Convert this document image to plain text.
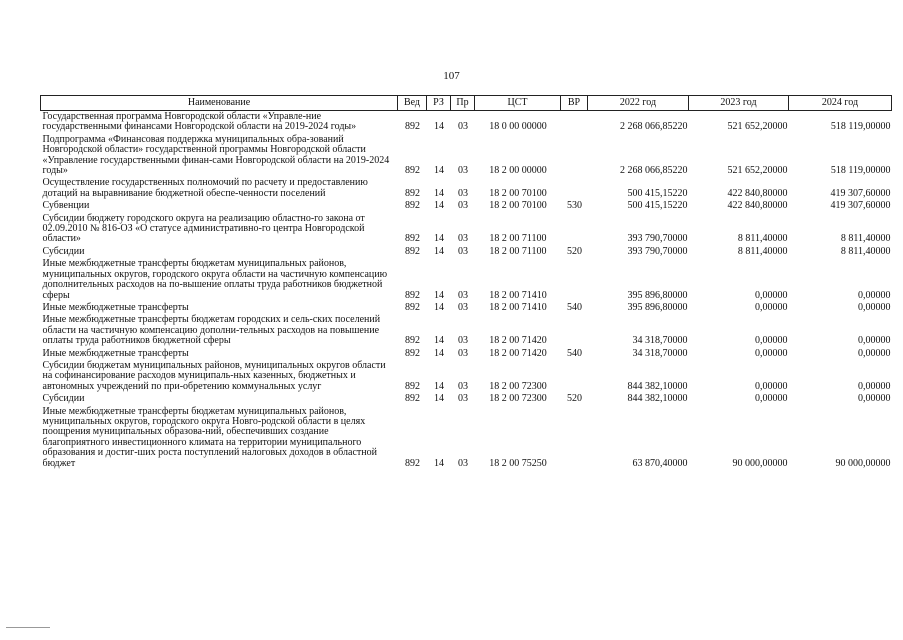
107
Наименование	Вед	РЗ	Пр	ЦСТ	ВР	2022 год	2023 год	2024 год
Государственная программа Новгородской области «Управле-ние государственными финансами Новгородской области на 2019-2024 годы»	892	14	03	18 0 00 00000		2 268 066,85220	521 652,20000	518 119,00000
Подпрограмма «Финансовая поддержка муниципальных обра-зований Новгородской области» государственной программы Новгородской области «Управление государственными финан-сами Новгородской области на 2019-2024 годы»	892	14	03	18 2 00 00000		2 268 066,85220	521 652,20000	518 119,00000
Осуществление государственных полномочий по расчету и предоставлению дотаций на выравнивание бюджетной обеспе-ченности поселений	892	14	03	18 2 00 70100		500 415,15220	422 840,80000	419 307,60000
Субвенции	892	14	03	18 2 00 70100	530	500 415,15220	422 840,80000	419 307,60000
Субсидии бюджету городского округа на реализацию областно-го закона от 02.09.2010 № 816-ОЗ «О статусе административно-го центра Новгородской области»	892	14	03	18 2 00 71100		393 790,70000	8 811,40000	8 811,40000
Субсидии	892	14	03	18 2 00 71100	520	393 790,70000	8 811,40000	8 811,40000
Иные межбюджетные трансферты бюджетам муниципальных районов, муниципальных округов, городского округа области на частичную компенсацию дополнительных расходов на по-вышение оплаты труда работников бюджетной сферы	892	14	03	18 2 00 71410		395 896,80000	0,00000	0,00000
Иные межбюджетные трансферты	892	14	03	18 2 00 71410	540	395 896,80000	0,00000	0,00000
Иные межбюджетные трансферты бюджетам городских и сель-ских поселений области на частичную компенсацию дополни-тельных расходов на повышение оплаты труда работников бюджетной сферы	892	14	03	18 2 00 71420		34 318,70000	0,00000	0,00000
Иные межбюджетные трансферты	892	14	03	18 2 00 71420	540	34 318,70000	0,00000	0,00000
Субсидии бюджетам муниципальных районов, муниципальных округов области на софинансирование расходов муниципаль-ных казенных, бюджетных и автономных учреждений по при-обретению коммунальных услуг	892	14	03	18 2 00 72300		844 382,10000	0,00000	0,00000
Субсидии	892	14	03	18 2 00 72300	520	844 382,10000	0,00000	0,00000
Иные межбюджетные трансферты бюджетам муниципальных районов, муниципальных округов, городского округа Новго-родской области в целях поощрения муниципальных образова-ний, обеспечивших создание благоприятного инвестиционного климата на территории муниципального образования и достиг-ших роста поступлений налоговых доходов в областной бюджет	892	14	03	18 2 00 75250		63 870,40000	90 000,00000	90 000,00000
